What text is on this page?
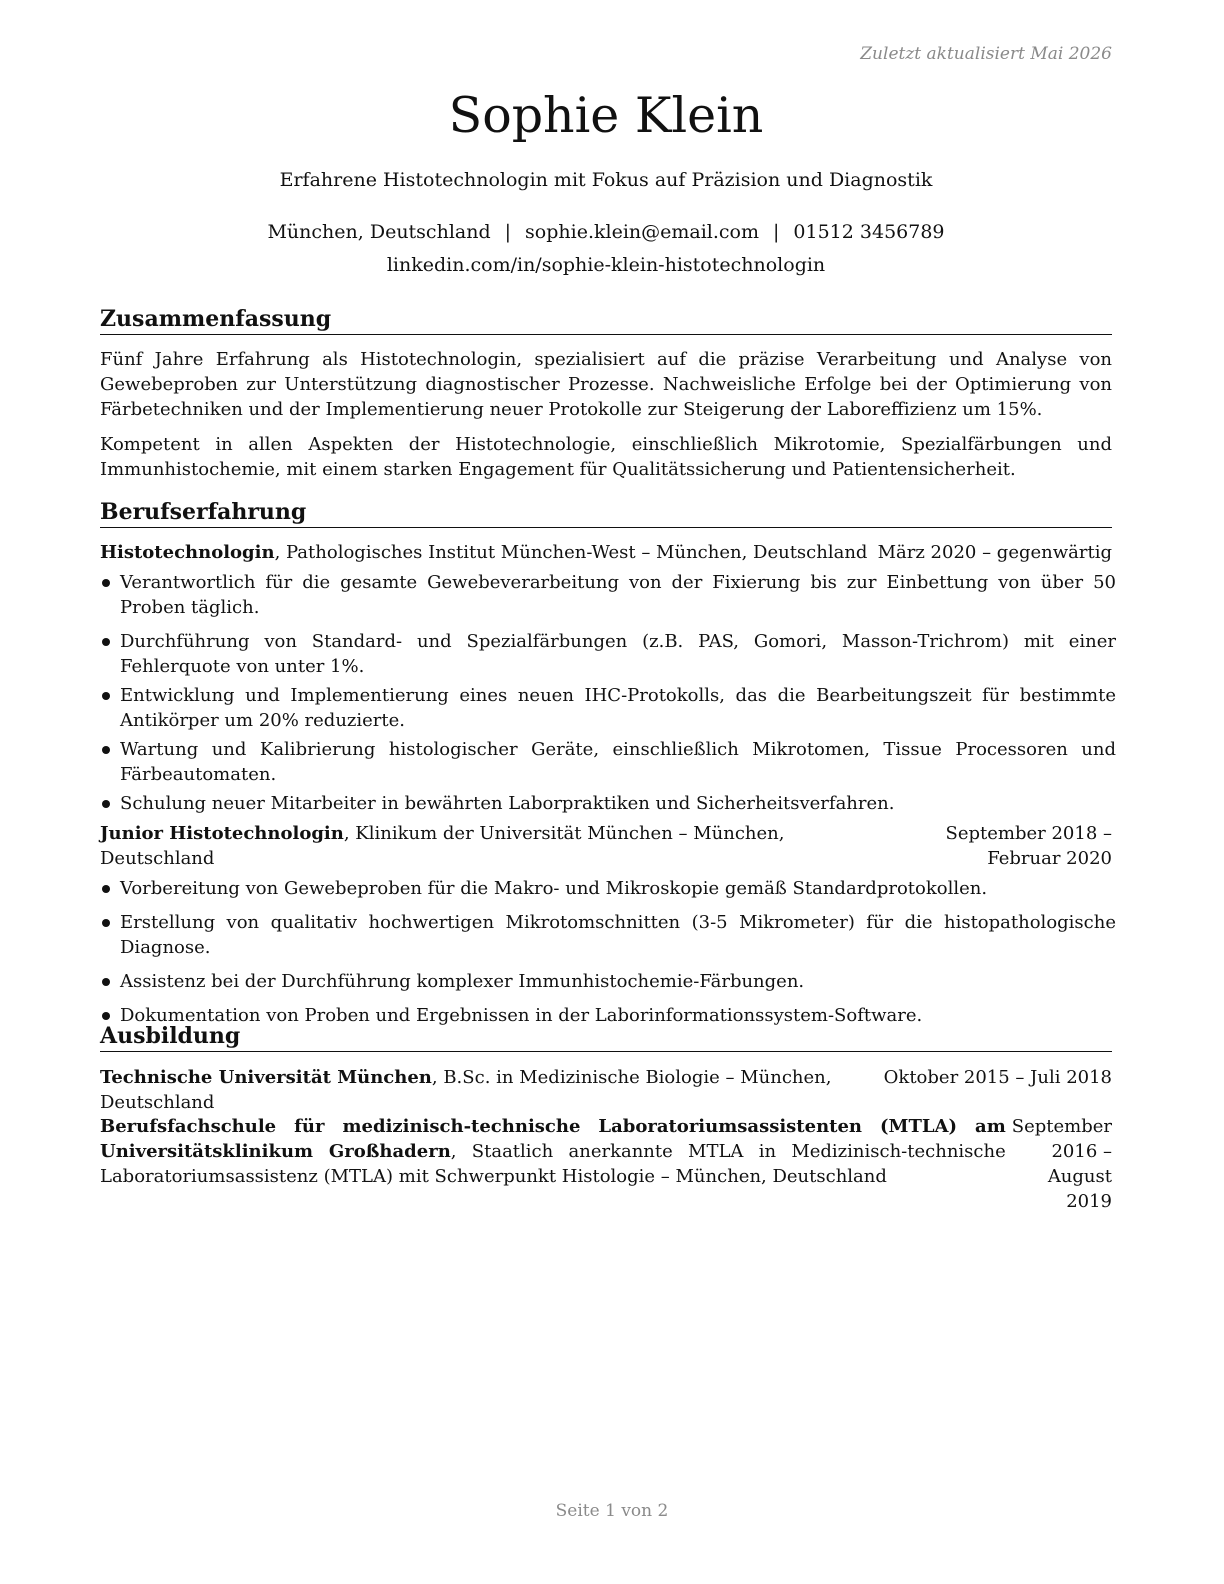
Zuletzt aktualisiert Mai 2026
Sophie Klein
Erfahrene Histotechnologin mit Fokus auf Präzision und Diagnostik
München, Deutschland | sophie.klein@email.com | 01512 3456789
linkedin.com/in/sophie-klein-histotechnologin
Zusammenfassung
Fünf Jahre Erfahrung als Histotechnologin, spezialisiert auf die präzise Verarbeitung und Analyse von Gewebeproben zur Unterstützung diagnostischer Prozesse. Nachweisliche Erfolge bei der Optimierung von Färbetechniken und der Implementierung neuer Protokolle zur Steigerung der Laboreffizienz um 15%.
Kompetent in allen Aspekten der Histotechnologie, einschließlich Mikrotomie, Spezialfärbungen und Immunhistochemie, mit einem starken Engagement für Qualitätssicherung und Patientensicherheit.
Berufserfahrung
Histotechnologin, Pathologisches Institut München-West – München, Deutschland März 2020 – gegenwärtig
Verantwortlich für die gesamte Gewebeverarbeitung von der Fixierung bis zur Einbettung von über 50 Proben täglich.
Durchführung von Standard- und Spezialfärbungen (z.B. PAS, Gomori, Masson-Trichrom) mit einer Fehlerquote von unter 1%.
Entwicklung und Implementierung eines neuen IHC-Protokolls, das die Bearbeitungszeit für bestimmte Antikörper um 20% reduzierte.
Wartung und Kalibrierung histologischer Geräte, einschließlich Mikrotomen, Tissue Processoren und Färbeautomaten.
Schulung neuer Mitarbeiter in bewährten Laborpraktiken und Sicherheitsverfahren.
Junior Histotechnologin, Klinikum der Universität München – München, Deutschland
September 2018 – Februar 2020
Vorbereitung von Gewebeproben für die Makro- und Mikroskopie gemäß Standardprotokollen.
Erstellung von qualitativ hochwertigen Mikrotomschnitten (3-5 Mikrometer) für die histopathologische Diagnose.
Assistenz bei der Durchführung komplexer Immunhistochemie-Färbungen.
Dokumentation von Proben und Ergebnissen in der Laborinformationssystem-Software.
Ausbildung
Technische Universität München, B.Sc. in Medizinische Biologie – München, Deutschland
Oktober 2015 – Juli 2018
Berufsfachschule für medizinisch-technische Laboratoriumsassistenten (MTLA) am Universitätsklinikum Großhadern, Staatlich anerkannte MTLA in Medizinisch-technische Laboratoriumsassistenz (MTLA) mit Schwerpunkt Histologie – München, Deutschland
September 2016 – August 2019
Seite 1 von 2
